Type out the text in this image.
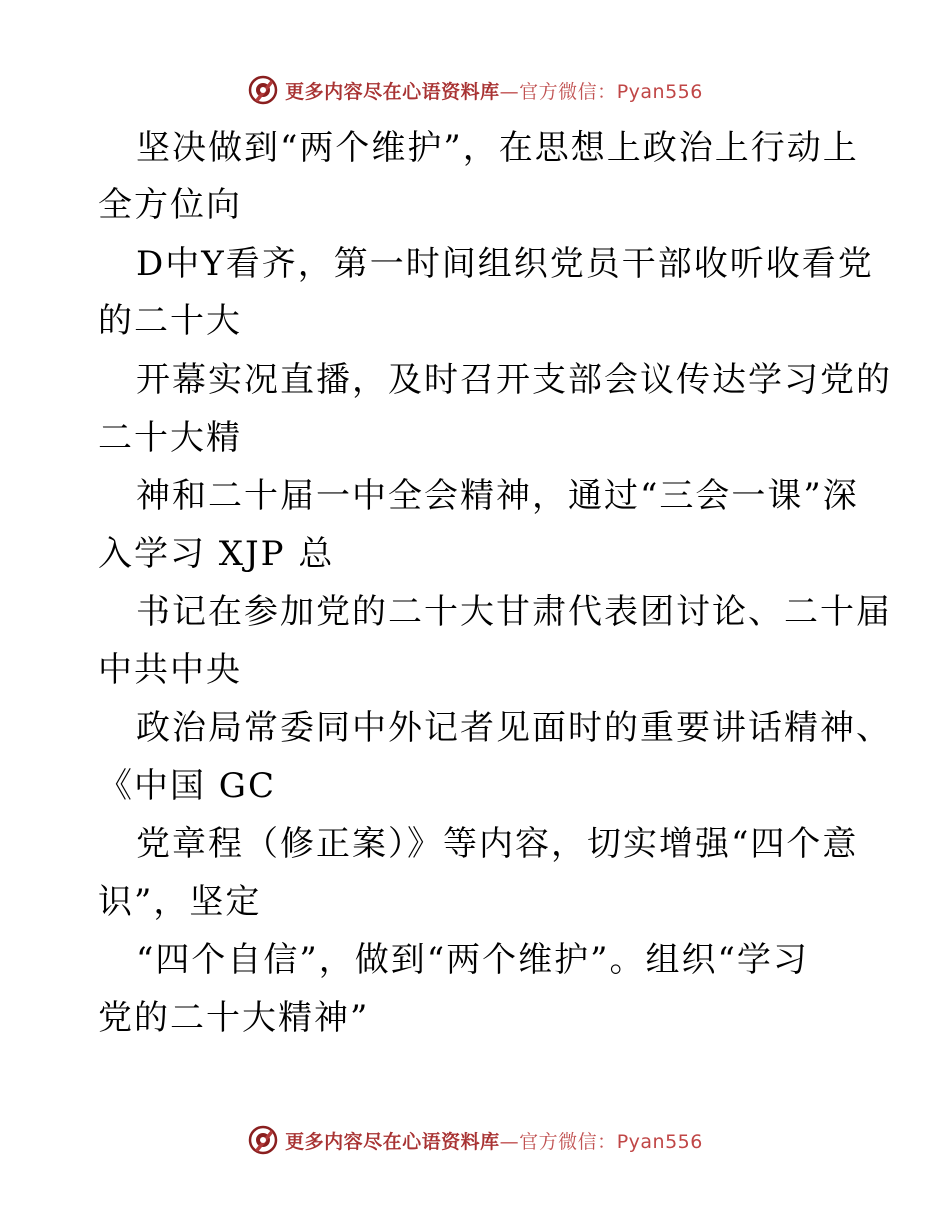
更多内容尽在心语资料库—官方微信：Pyan556
坚决做到“两个维护”，在思想上政治上行动上
全方位向
D中Y看齐，第一时间组织党员干部收听收看党
的二十大
开幕实况直播，及时召开支部会议传达学习党的
二十大精
神和二十届一中全会精神，通过“三会一课”深
入学习 XJP 总
书记在参加党的二十大甘肃代表团讨论、二十届
中共中央
政治局常委同中外记者见面时的重要讲话精神、
《中国 GC
党章程（修正案）》等内容，切实增强“四个意
识”，坚定
“四个自信”，做到“两个维护”。组织“学习
党的二十大精神”
更多内容尽在心语资料库—官方微信：Pyan556
